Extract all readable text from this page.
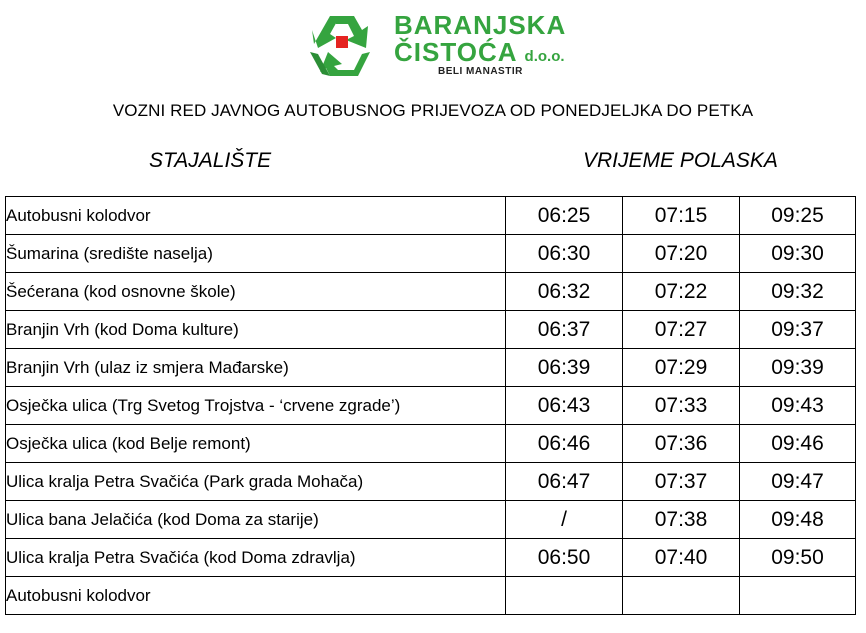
BARANJSKA
ČISTOĆA d.o.o.
BELI MANASTIR
VOZNI RED JAVNOG AUTOBUSNOG PRIJEVOZA OD PONEDJELJKA DO PETKA
STAJALIŠTE	VRIJEME POLASKA
Autobusni kolodvor	06:25	07:15	09:25
Šumarina (središte naselja)	06:30	07:20	09:30
Šećerana (kod osnovne škole)	06:32	07:22	09:32
Branjin Vrh (kod Doma kulture)	06:37	07:27	09:37
Branjin Vrh (ulaz iz smjera Mađarske)	06:39	07:29	09:39
Osječka ulica (Trg Svetog Trojstva - ‘crvene zgrade’)	06:43	07:33	09:43
Osječka ulica (kod Belje remont)	06:46	07:36	09:46
Ulica kralja Petra Svačića (Park grada Mohača)	06:47	07:37	09:47
Ulica bana Jelačića (kod Doma za starije)	/	07:38	09:48
Ulica kralja Petra Svačića (kod Doma zdravlja)	06:50	07:40	09:50
Autobusni kolodvor			
